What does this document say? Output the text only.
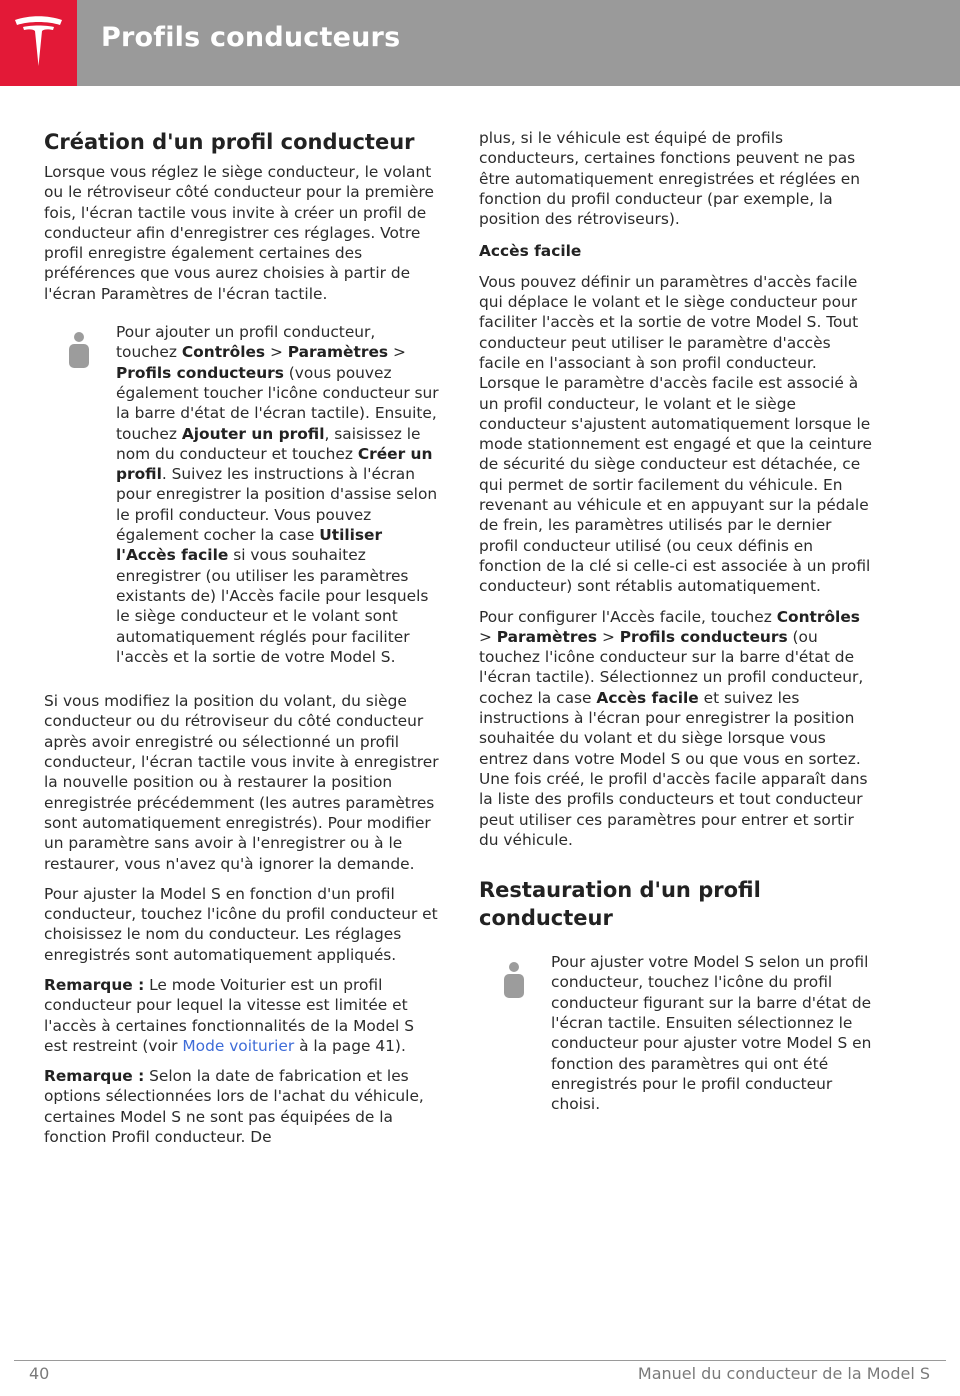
Profils conducteurs
Création d'un profil conducteur

Lorsque vous réglez le siège conducteur, le volant ou le rétroviseur côté conducteur pour la première fois, l'écran tactile vous invite à créer un profil de conducteur afin d'enregistrer ces réglages. Votre profil enregistre également certaines des préférences que vous aurez choisies à partir de l'écran Paramètres de l'écran tactile.

Pour ajouter un profil conducteur, touchez Contrôles > Paramètres > Profils conducteurs (vous pouvez également toucher l'icône conducteur sur la barre d'état de l'écran tactile). Ensuite, touchez Ajouter un profil, saisissez le nom du conducteur et touchez Créer un profil. Suivez les instructions à l'écran pour enregistrer la position d'assise selon le profil conducteur. Vous pouvez également cocher la case Utiliser l'Accès facile si vous souhaitez enregistrer (ou utiliser les paramètres existants de) l'Accès facile pour lesquels le siège conducteur et le volant sont automatiquement réglés pour faciliter l'accès et la sortie de votre Model S.

Si vous modifiez la position du volant, du siège conducteur ou du rétroviseur du côté conducteur après avoir enregistré ou sélectionné un profil conducteur, l'écran tactile vous invite à enregistrer la nouvelle position ou à restaurer la position enregistrée précédemment (les autres paramètres sont automatiquement enregistrés). Pour modifier un paramètre sans avoir à l'enregistrer ou à le restaurer, vous n'avez qu'à ignorer la demande.

Pour ajuster la Model S en fonction d'un profil conducteur, touchez l'icône du profil conducteur et choisissez le nom du conducteur. Les réglages enregistrés sont automatiquement appliqués.

Remarque : Le mode Voiturier est un profil conducteur pour lequel la vitesse est limitée et l'accès à certaines fonctionnalités de la Model S est restreint (voir Mode voiturier à la page 41).

Remarque : Selon la date de fabrication et les options sélectionnées lors de l'achat du véhicule, certaines Model S ne sont pas équipées de la fonction Profil conducteur. De

plus, si le véhicule est équipé de profils conducteurs, certaines fonctions peuvent ne pas être automatiquement enregistrées et réglées en fonction du profil conducteur (par exemple, la position des rétroviseurs).

Accès facile

Vous pouvez définir un paramètres d'accès facile qui déplace le volant et le siège conducteur pour faciliter l'accès et la sortie de votre Model S. Tout conducteur peut utiliser le paramètre d'accès facile en l'associant à son profil conducteur. Lorsque le paramètre d'accès facile est associé à un profil conducteur, le volant et le siège conducteur s'ajustent automatiquement lorsque le mode stationnement est engagé et que la ceinture de sécurité du siège conducteur est détachée, ce qui permet de sortir facilement du véhicule. En revenant au véhicule et en appuyant sur la pédale de frein, les paramètres utilisés par le dernier profil conducteur utilisé (ou ceux définis en fonction de la clé si celle-ci est associée à un profil conducteur) sont rétablis automatiquement.

Pour configurer l'Accès facile, touchez Contrôles > Paramètres > Profils conducteurs (ou touchez l'icône conducteur sur la barre d'état de l'écran tactile). Sélectionnez un profil conducteur, cochez la case Accès facile et suivez les instructions à l'écran pour enregistrer la position souhaitée du volant et du siège lorsque vous entrez dans votre Model S ou que vous en sortez. Une fois créé, le profil d'accès facile apparaît dans la liste des profils conducteurs et tout conducteur peut utiliser ces paramètres pour entrer et sortir du véhicule.

Restauration d'un profil conducteur
Pour ajuster votre Model S selon un profil conducteur, touchez l'icône du profil conducteur figurant sur la barre d'état de l'écran tactile. Ensuiten sélectionnez le conducteur pour ajuster votre Model S en fonction des paramètres qui ont été enregistrés pour le profil conducteur choisi.
40	Manuel du conducteur de la Model S
